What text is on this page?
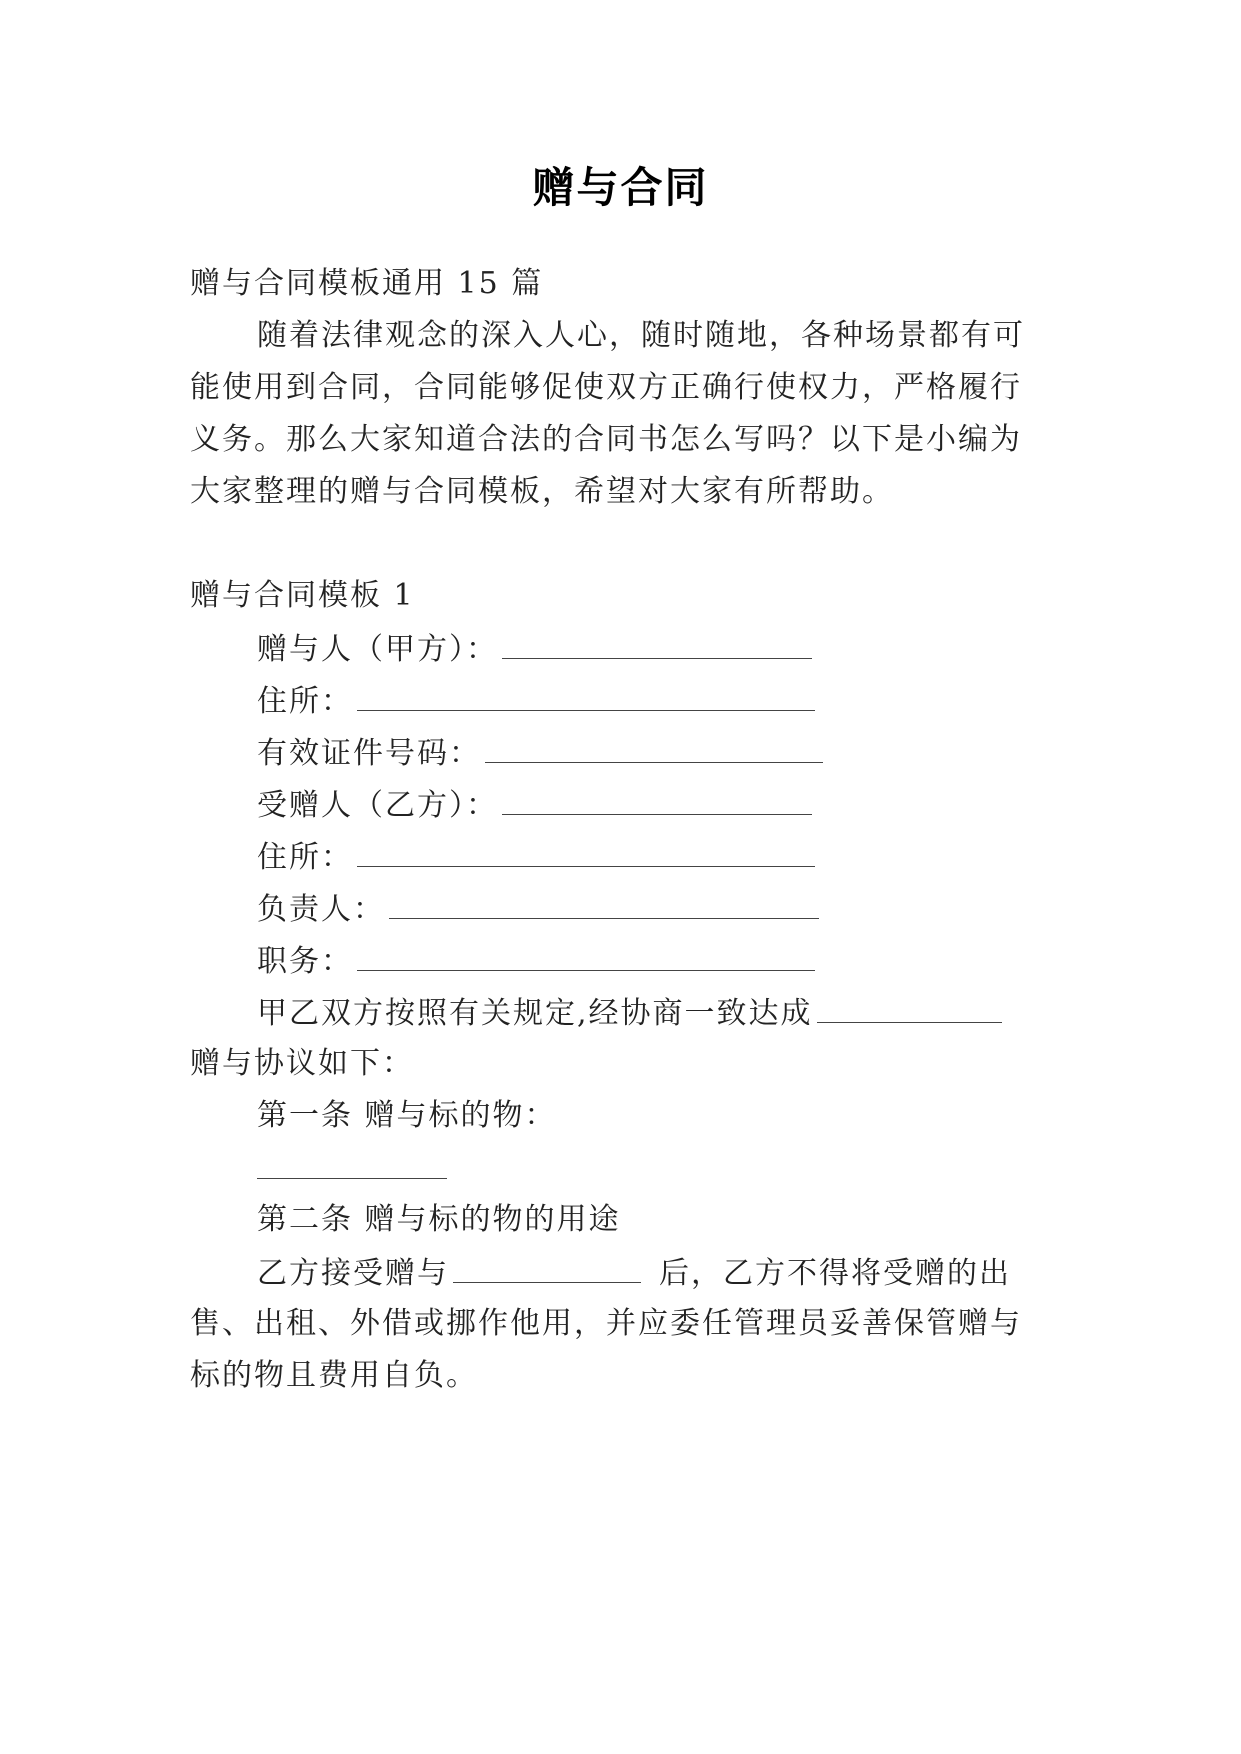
赠与合同
赠与合同模板通用 15 篇
随着法律观念的深入人心，随时随地，各种场景都有可
能使用到合同，合同能够促使双方正确行使权力，严格履行
义务。那么大家知道合法的合同书怎么写吗？以下是小编为
大家整理的赠与合同模板，希望对大家有所帮助。
赠与合同模板 1
赠与人（甲方）：
住所：
有效证件号码：
受赠人（乙方）：
住所：
负责人：
职务：
甲乙双方按照有关规定,经协商一致达成
赠与协议如下：
第一条 赠与标的物：
第二条 赠与标的物的用途
乙方接受赠与	后，乙方不得将受赠的出
售、出租、外借或挪作他用，并应委任管理员妥善保管赠与
标的物且费用自负。
